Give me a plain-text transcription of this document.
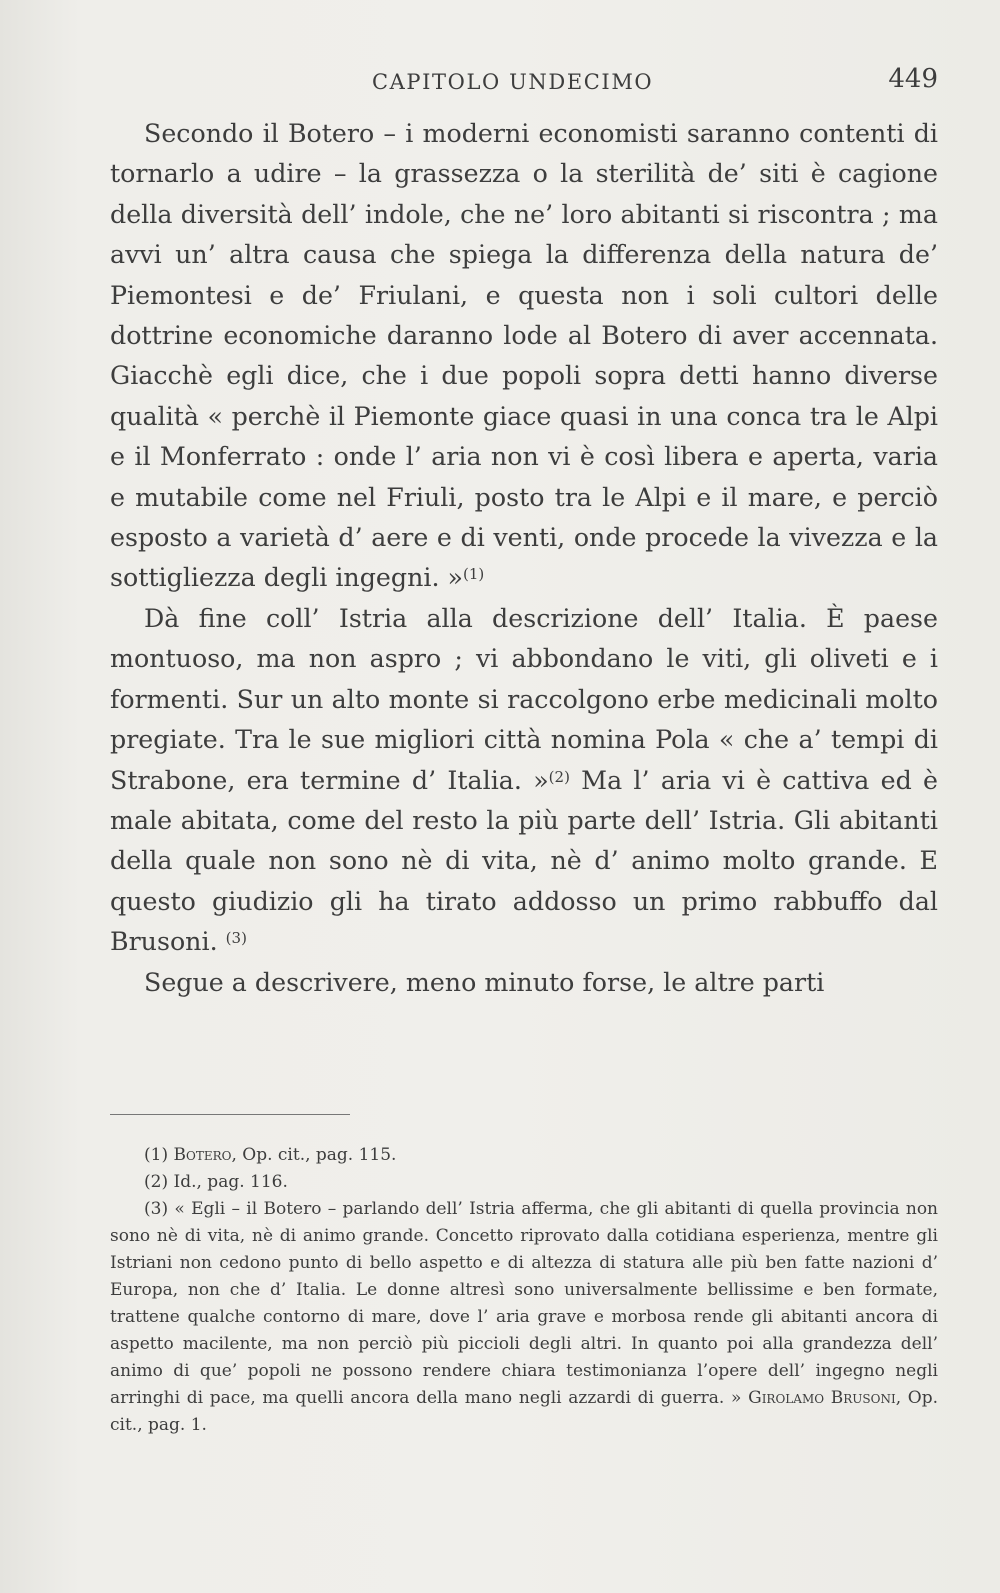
CAPITOLO UNDECIMO	449

Secondo il Botero – i moderni economisti saranno contenti di tornarlo a udire – la grassezza o la sterilità de’ siti è cagione della diversità dell’ indole, che ne’ loro abitanti si riscontra ; ma avvi un’ altra causa che spiega la differenza della natura de’ Piemontesi e de’ Friulani, e questa non i soli cultori delle dottrine economiche daranno lode al Botero di aver accennata. Giacchè egli dice, che i due popoli sopra detti hanno diverse qualità « perchè il Piemonte giace quasi in una conca tra le Alpi e il Monferrato : onde l’ aria non vi è così libera e aperta, varia e mutabile come nel Friuli, posto tra le Alpi e il mare, e perciò esposto a varietà d’ aere e di venti, onde procede la vivezza e la sottigliezza degli ingegni. »$^{(1)}$

Dà fine coll’ Istria alla descrizione dell’ Italia. È paese montuoso, ma non aspro ; vi abbondano le viti, gli oliveti e i formenti. Sur un alto monte si raccolgono erbe medicinali molto pregiate. Tra le sue migliori città nomina Pola « che a’ tempi di Strabone, era termine d’ Italia. »$^{(2)}$ Ma l’ aria vi è cattiva ed è male abitata, come del resto la più parte dell’ Istria. Gli abitanti della quale non sono nè di vita, nè d’ animo molto grande. E questo giudizio gli ha tirato addosso un primo rabbuffo dal Brusoni. $^{(3)}$

Segue a descrivere, meno minuto forse, le altre parti

(1) Botero, Op. cit., pag. 115.

(2) Id., pag. 116.

(3) « Egli – il Botero – parlando dell’ Istria afferma, che gli abitanti di quella provincia non sono nè di vita, nè di animo grande. Concetto riprovato dalla cotidiana esperienza, mentre gli Istriani non cedono punto di bello aspetto e di altezza di statura alle più ben fatte nazioni d’ Europa, non che d’ Italia. Le donne altresì sono universalmente bellissime e ben formate, trattene qualche contorno di mare, dove l’ aria grave e morbosa rende gli abitanti ancora di aspetto macilente, ma non perciò più piccioli degli altri. In quanto poi alla grandezza dell’ animo di que’ popoli ne possono rendere chiara testimonianza l’opere dell’ ingegno negli arringhi di pace, ma quelli ancora della mano negli azzardi di guerra. » Girolamo Brusoni, Op. cit., pag. 1.
